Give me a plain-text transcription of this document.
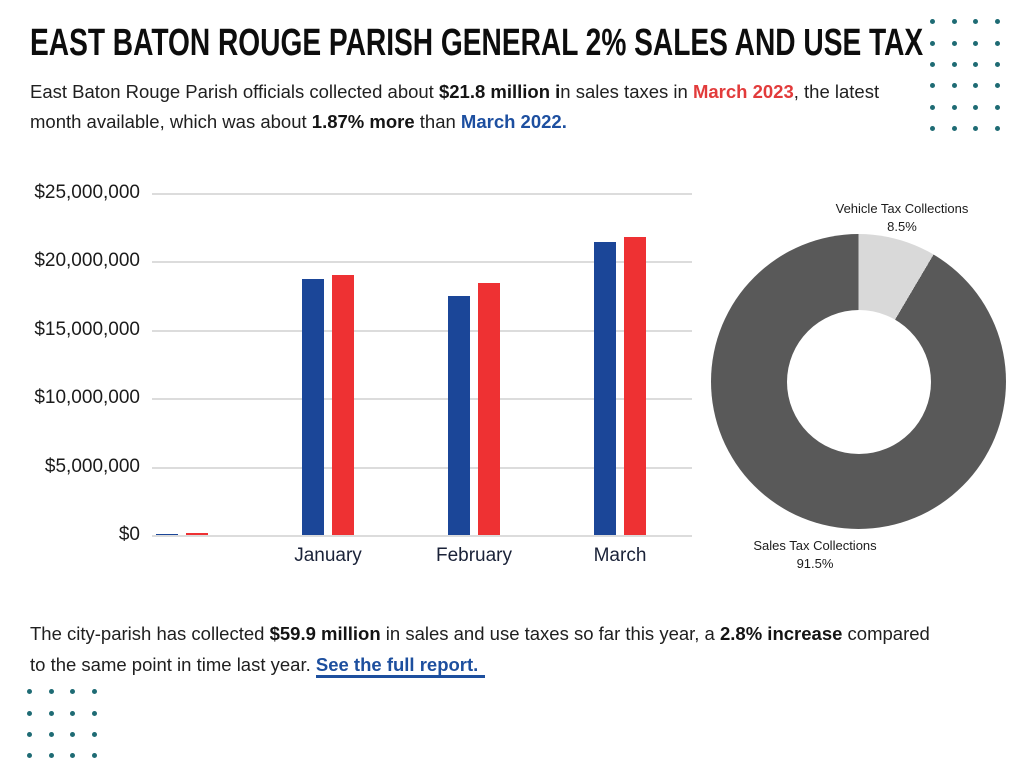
EAST BATON ROUGE PARISH GENERAL 2% SALES AND USE TAX

East Baton Rouge Parish officials collected about $21.8 million in sales taxes in March 2023, the latest month available, which was about 1.87% more than March 2022.

$25,000,000
$20,000,000
$15,000,000
$10,000,000
$5,000,000
$0
January	February	March
Vehicle Tax Collections
8.5%
Sales Tax Collections
91.5%

The city-parish has collected $59.9 million in sales and use taxes so far this year, a 2.8% increase compared to the same point in time last year. See the full report.
